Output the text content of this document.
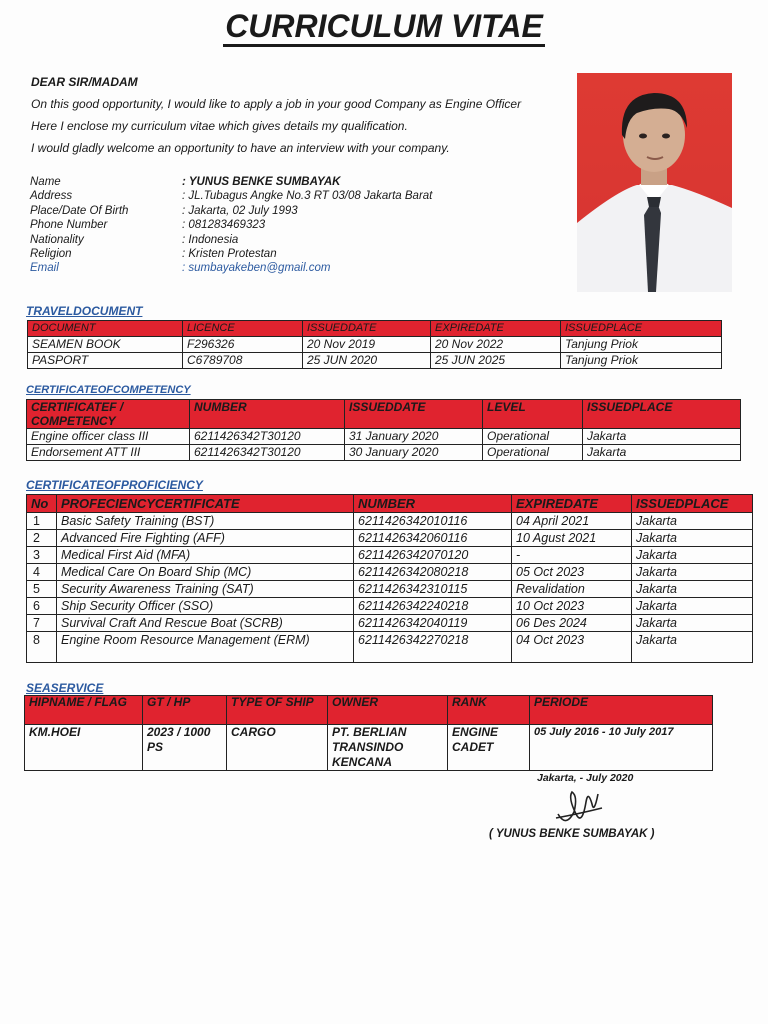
CURRICULUM VITAE
DEAR SIR/MADAM
On this good opportunity, I would like to apply a job in your good Company as Engine Officer
Here I enclose my curriculum vitae which gives details my qualification.
I would gladly welcome an opportunity to have an interview with your company.
Name	: YUNUS BENKE SUMBAYAK
Address	: JL.Tubagus Angke No.3 RT 03/08 Jakarta Barat
Place/Date Of Birth	: Jakarta, 02 July 1993
Phone Number	: 081283469323
Nationality	: Indonesia
Religion	: Kristen Protestan
Email	: sumbayakeben@gmail.com
TRAVELDOCUMENT
DOCUMENT	LICENCE	ISSUEDDATE	EXPIREDATE	ISSUEDPLACE
SEAMEN BOOK	F296326	20 Nov 2019	20 Nov 2022	Tanjung Priok
PASPORT	C6789708	25 JUN 2020	25 JUN 2025	Tanjung Priok
CERTIFICATEOFCOMPETENCY
CERTIFICATEF / COMPETENCY	NUMBER	ISSUEDDATE	LEVEL	ISSUEDPLACE
Engine officer class III	6211426342T30120	31 January 2020	Operational	Jakarta
Endorsement ATT III	6211426342T30120	30 January 2020	Operational	Jakarta
CERTIFICATEOFPROFICIENCY
No	PROFECIENCYCERTIFICATE	NUMBER	EXPIREDATE	ISSUEDPLACE
1	Basic Safety Training (BST)	6211426342010116	04 April 2021	Jakarta
2	Advanced Fire Fighting (AFF)	6211426342060116	10 Agust 2021	Jakarta
3	Medical First Aid (MFA)	6211426342070120	-	Jakarta
4	Medical Care On Board Ship (MC)	6211426342080218	05 Oct 2023	Jakarta
5	Security Awareness Training (SAT)	6211426342310115	Revalidation	Jakarta
6	Ship Security Officer (SSO)	6211426342240218	10 Oct 2023	Jakarta
7	Survival Craft And Rescue Boat (SCRB)	6211426342040119	06 Des 2024	Jakarta
8	Engine Room Resource Management (ERM)	6211426342270218	04 Oct 2023	Jakarta
SEASERVICE
HIPNAME / FLAG	GT / HP	TYPE OF SHIP	OWNER	RANK	PERIODE
KM.HOEI	2023 / 1000 PS	CARGO	PT. BERLIAN TRANSINDO KENCANA	ENGINE CADET	05 July 2016 - 10 July 2017
Jakarta, - July 2020
( YUNUS BENKE SUMBAYAK )
